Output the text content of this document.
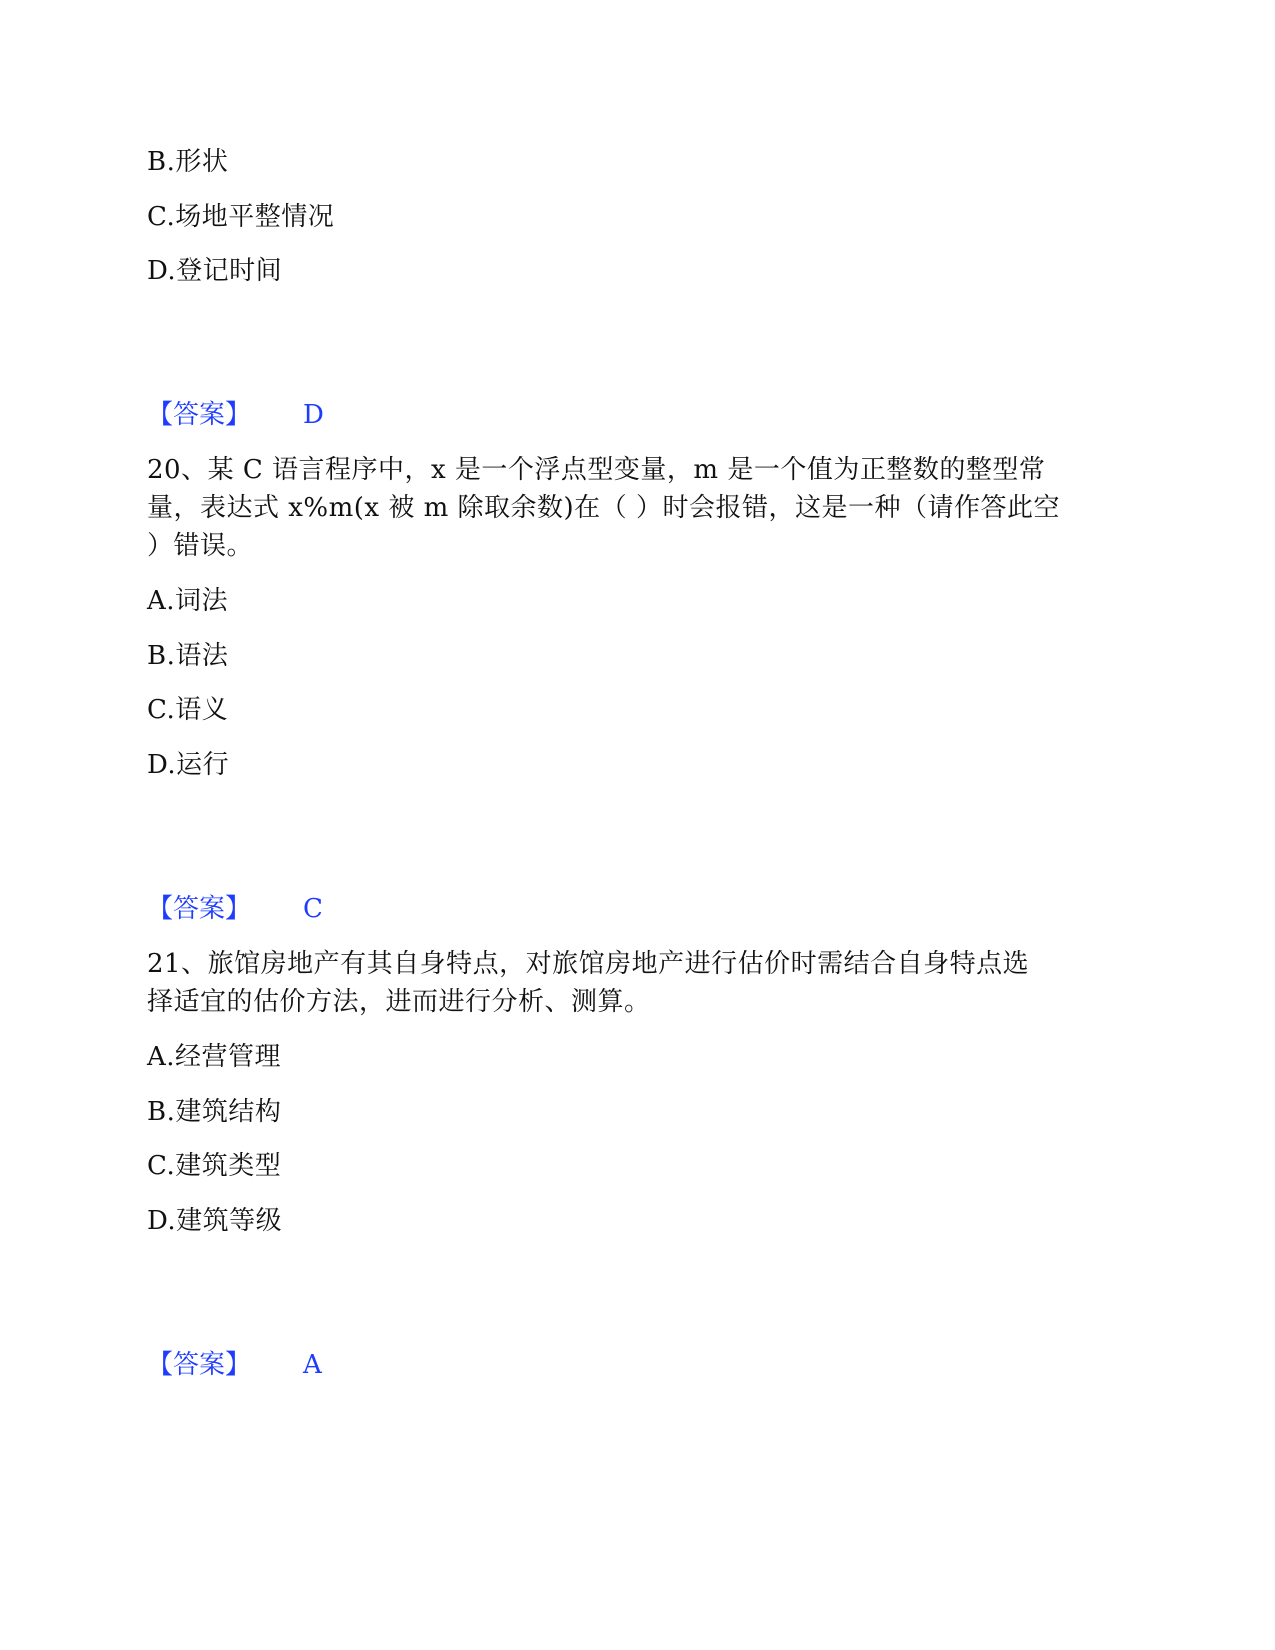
B.形状
C.场地平整情况
D.登记时间
【答案】 D
20、某 C 语言程序中，x 是一个浮点型变量，m 是一个值为正整数的整型常
量，表达式 x%m(x 被 m 除取余数)在（ ）时会报错，这是一种（请作答此空
）错误。
A.词法
B.语法
C.语义
D.运行
【答案】 C
21、旅馆房地产有其自身特点，对旅馆房地产进行估价时需结合自身特点选
择适宜的估价方法，进而进行分析、测算。
A.经营管理
B.建筑结构
C.建筑类型
D.建筑等级
【答案】 A
